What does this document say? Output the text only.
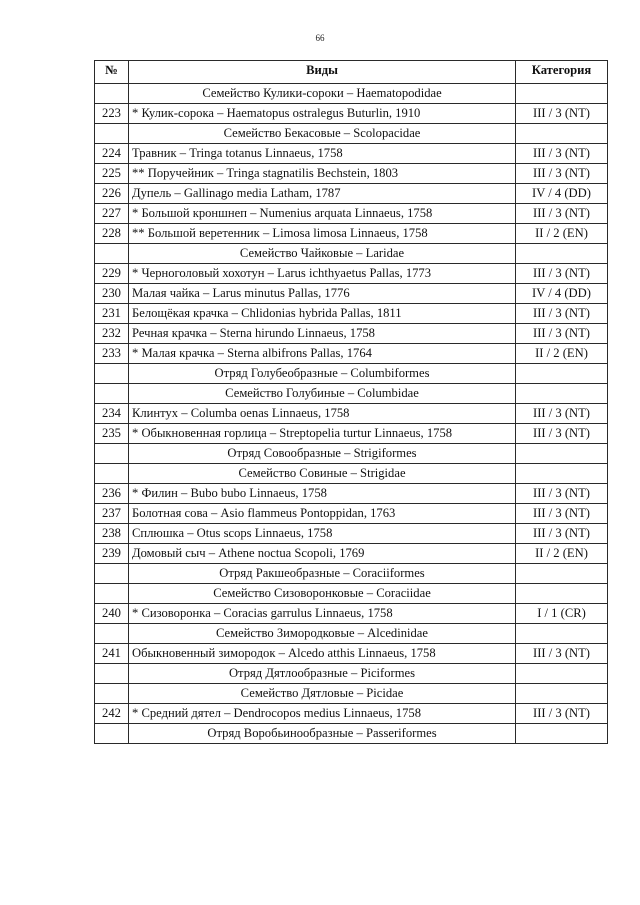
66
№	Виды	Категория
	Семейство Кулики-сороки – Haematopodidae	
223	* Кулик-сорока – Haematopus ostralegus Buturlin, 1910	III / 3 (NT)
	Семейство Бекасовые – Scolopacidae	
224	Травник – Tringa totanus Linnaeus, 1758	III / 3 (NT)
225	** Поручейник – Tringa stagnatilis Bechstein, 1803	III / 3 (NT)
226	Дупель – Gallinago media Latham, 1787	IV / 4 (DD)
227	* Большой кроншнеп – Numenius arquata Linnaeus, 1758	III / 3 (NT)
228	** Большой веретенник – Limosa limosa Linnaeus, 1758	II / 2 (EN)
	Семейство Чайковые – Laridae	
229	* Черноголовый хохотун – Larus ichthyaetus Pallas, 1773	III / 3 (NT)
230	Малая чайка – Larus minutus Pallas, 1776	IV / 4 (DD)
231	Белощёкая крачка – Chlidonias hybrida Pallas, 1811	III / 3 (NT)
232	Речная крачка – Sterna hirundo Linnaeus, 1758	III / 3 (NT)
233	* Малая крачка – Sterna albifrons Pallas, 1764	II / 2 (EN)
	Отряд Голубеобразные – Columbiformes	
	Семейство Голубиные – Columbidae	
234	Клинтух – Columba oenas Linnaeus, 1758	III / 3 (NT)
235	* Обыкновенная горлица – Streptopelia turtur Linnaeus, 1758	III / 3 (NT)
	Отряд Совообразные – Strigiformes	
	Семейство Совиные – Strigidae	
236	* Филин – Bubo bubo Linnaeus, 1758	III / 3 (NT)
237	Болотная сова – Asio flammeus Pontoppidan, 1763	III / 3 (NT)
238	Сплюшка – Otus scops Linnaeus, 1758	III / 3 (NT)
239	Домовый сыч – Athene noctua Scopoli, 1769	II / 2 (EN)
	Отряд Ракшеобразные – Coraciiformes	
	Семейство Сизоворонковые – Coraciidae	
240	* Сизоворонка – Coracias garrulus Linnaeus, 1758	I / 1 (CR)
	Семейство Зимородковые – Alcedinidae	
241	Обыкновенный зимородок – Alcedo atthis Linnaeus, 1758	III / 3 (NT)
	Отряд Дятлообразные – Piciformes	
	Семейство Дятловые – Picidae	
242	* Средний дятел – Dendrocopos medius Linnaeus, 1758	III / 3 (NT)
	Отряд Воробьинообразные – Passeriformes	
